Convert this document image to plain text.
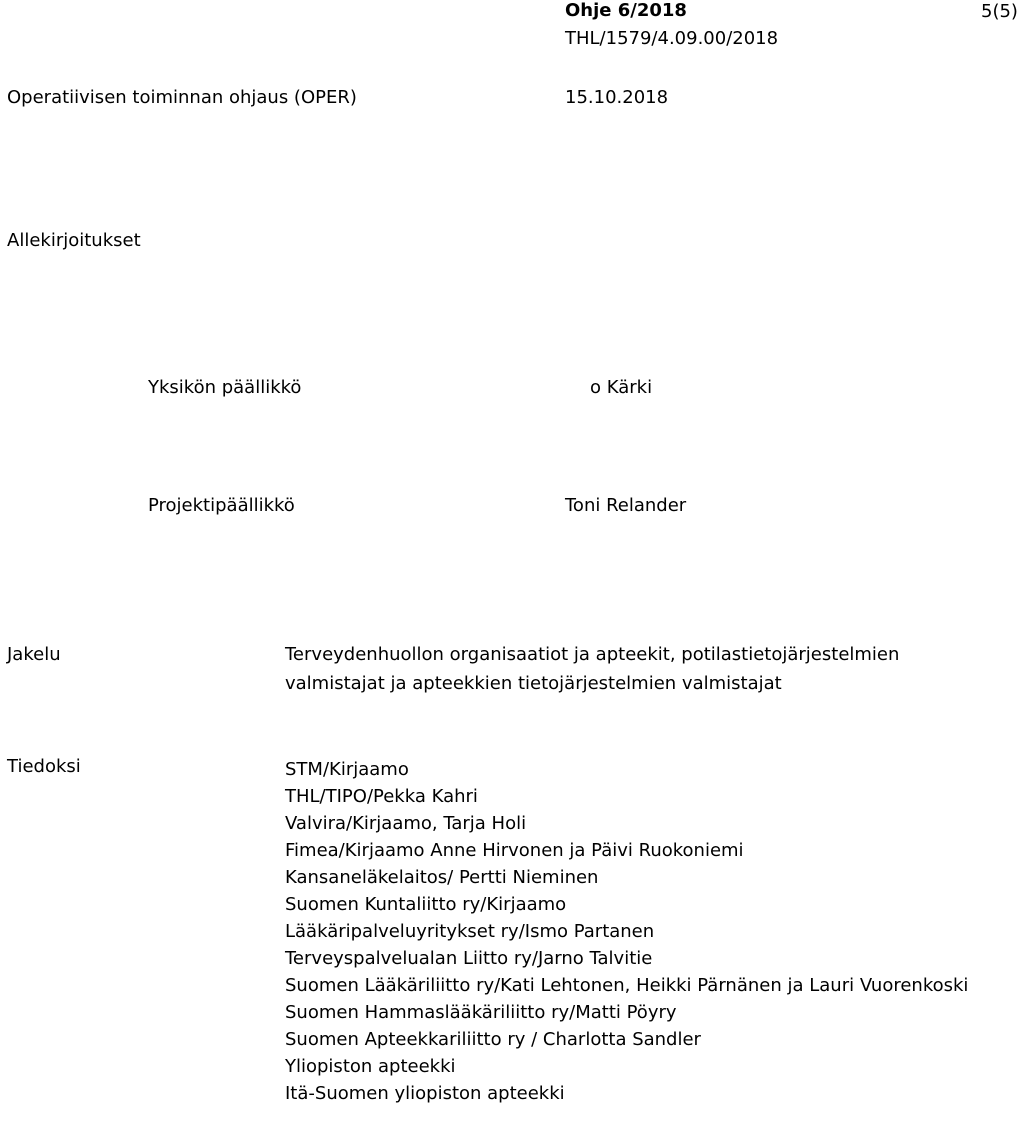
Ohje 6/2018
THL/1579/4.09.00/2018
5(5)
Operatiivisen toiminnan ohjaus (OPER)	15.10.2018
Allekirjoitukset
Yksikön päällikkö	o Kärki
Projektipäällikkö	Toni Relander
Jakelu	Terveydenhuollon organisaatiot ja apteekit, potilastietojärjestelmien
valmistajat ja apteekkien tietojärjestelmien valmistajat
Tiedoksi	STM/Kirjaamo
THL/TIPO/Pekka Kahri
Valvira/Kirjaamo, Tarja Holi
Fimea/Kirjaamo Anne Hirvonen ja Päivi Ruokoniemi
Kansaneläkelaitos/ Pertti Nieminen
Suomen Kuntaliitto ry/Kirjaamo
Lääkäripalveluyritykset ry/Ismo Partanen
Terveyspalvelualan Liitto ry/Jarno Talvitie
Suomen Lääkäriliitto ry/Kati Lehtonen, Heikki Pärnänen ja Lauri Vuorenkoski
Suomen Hammaslääkäriliitto ry/Matti Pöyry
Suomen Apteekkariliitto ry / Charlotta Sandler
Yliopiston apteekki
Itä-Suomen yliopiston apteekki
